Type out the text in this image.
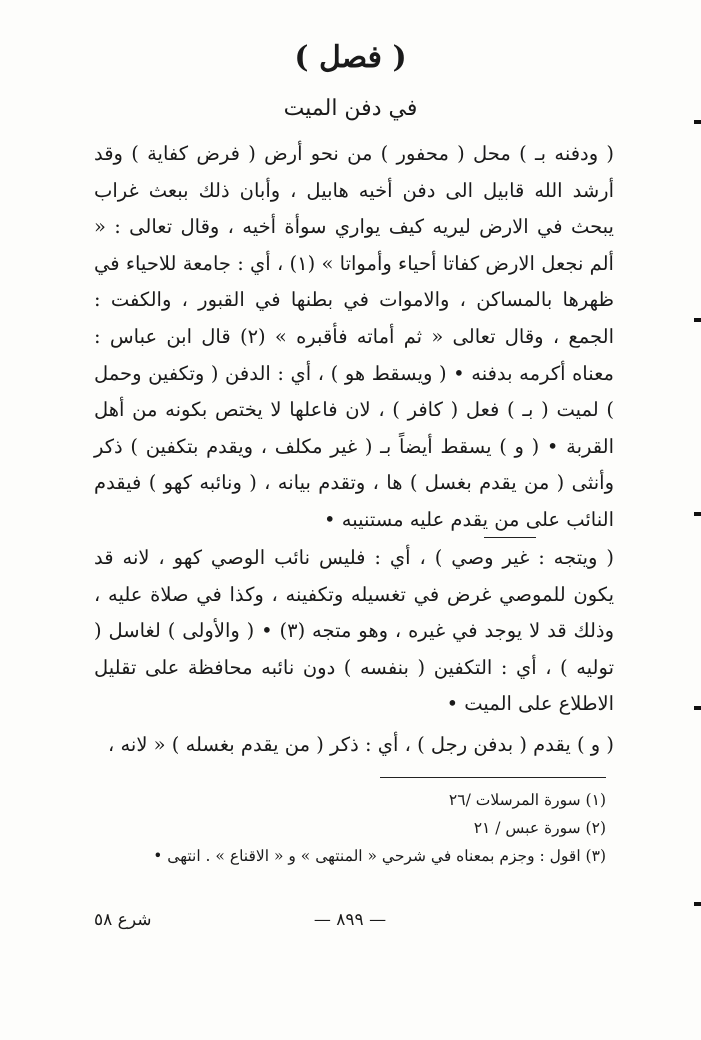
( فصل )
في دفن الميت
( ودفنه بـ ) محل ( محفور ) من نحو أرض ( فرض كفاية ) وقد أرشد الله قابيل الى دفن أخيه هابيل ، وأبان ذلك ببعث غراب يبحث في الارض ليريه كيف يواري سوأة أخيه ، وقال تعالى : « ألم نجعل الارض كفاتا أحياء وأمواتا » (١) ، أي : جامعة للاحياء في ظهرها بالمساكن ، والاموات في بطنها في القبور ، والكفت : الجمع ، وقال تعالى « ثم أماته فأقبره » (٢) قال ابن عباس : معناه أكرمه بدفنه • ( ويسقط هو ) ، أي : الدفن ( وتكفين وحمل ) لميت ( بـ ) فعل ( كافر ) ، لان فاعلها لا يختص بكونه من أهل القربة • ( و ) يسقط أيضاً بـ ( غير مكلف ، ويقدم بتكفين ) ذكر وأنثى ( من يقدم بغسل ) ها ، وتقدم بيانه ، ( ونائبه كهو ) فيقدم النائب على من يقدم عليه مستنيبه •
( ويتجه : غير وصي ) ، أي : فليس نائب الوصي كهو ، لانه قد يكون للموصي غرض في تغسيله وتكفينه ، وكذا في صلاة عليه ، وذلك قد لا يوجد في غيره ، وهو متجه (٣) • ( والأولى ) لغاسل ( توليه ) ، أي : التكفين ( بنفسه ) دون نائبه محافظة على تقليل الاطلاع على الميت •
( و ) يقدم ( بدفن رجل ) ، أي : ذكر ( من يقدم بغسله ) « لانه ،
(١) سورة المرسلات /٢٦
(٢) سورة عبس / ٢١
(٣) اقول : وجزم بمعناه في شرحي « المنتهى » و « الاقناع » . انتهى •
— ٨٩٩ —
شرع ٥٨
